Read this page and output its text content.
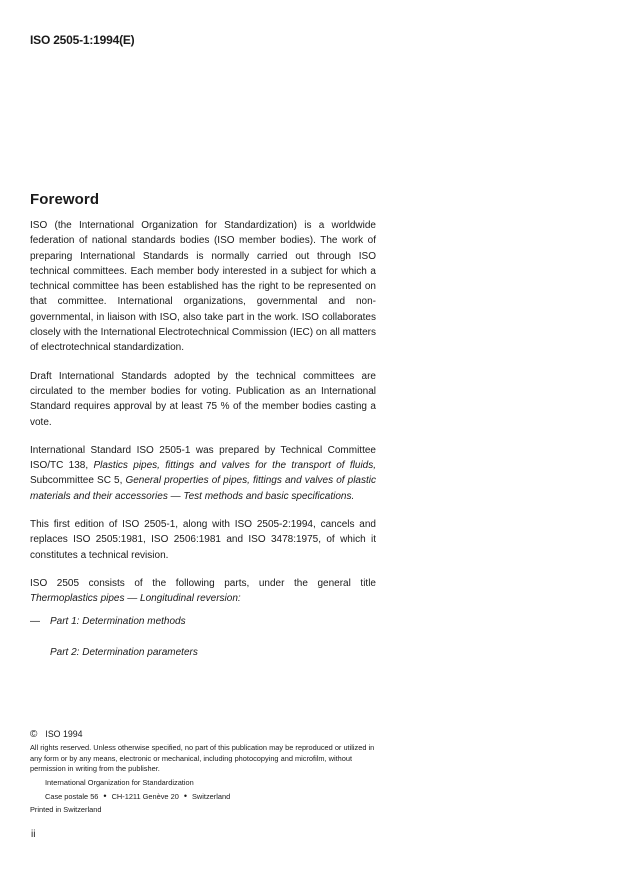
ISO 2505-1:1994(E)
Foreword

ISO (the International Organization for Standardization) is a worldwide federation of national standards bodies (ISO member bodies). The work of preparing International Standards is normally carried out through ISO technical committees. Each member body interested in a subject for which a technical committee has been established has the right to be represented on that committee. International organizations, governmental and non-governmental, in liaison with ISO, also take part in the work. ISO collaborates closely with the International Electrotechnical Commission (IEC) on all matters of electrotechnical standardization.

Draft International Standards adopted by the technical committees are circulated to the member bodies for voting. Publication as an International Standard requires approval by at least 75 % of the member bodies casting a vote.

International Standard ISO 2505-1 was prepared by Technical Committee ISO/TC 138, Plastics pipes, fittings and valves for the transport of fluids, Subcommittee SC 5, General properties of pipes, fittings and valves of plastic materials and their accessories — Test methods and basic specifications.

This first edition of ISO 2505-1, along with ISO 2505-2:1994, cancels and replaces ISO 2505:1981, ISO 2506:1981 and ISO 3478:1975, of which it constitutes a technical revision.

ISO 2505 consists of the following parts, under the general title Thermoplastics pipes — Longitudinal reversion:

— Part 1: Determination methods
Part 2: Determination parameters
© ISO 1994

All rights reserved. Unless otherwise specified, no part of this publication may be reproduced or utilized in any form or by any means, electronic or mechanical, including photocopying and microfilm, without permission in writing from the publisher.

International Organization for Standardization
Case postale 56 • CH-1211 Genève 20 • Switzerland
Printed in Switzerland
ii
